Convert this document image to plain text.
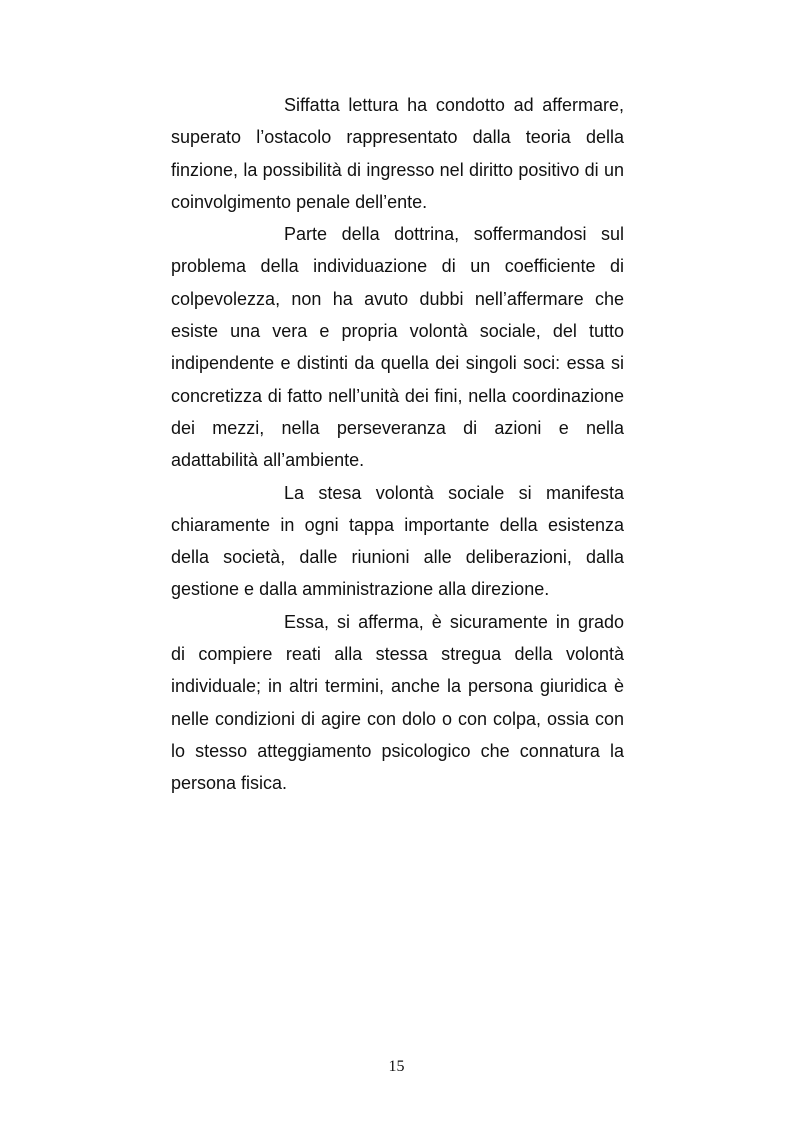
Siffatta lettura ha condotto ad affermare, superato l’ostacolo rappresentato dalla teoria della finzione, la possibilità di ingresso nel diritto positivo di un coinvolgimento penale dell’ente.

Parte della dottrina, soffermandosi sul problema della individuazione di un coefficiente di colpevolezza, non ha avuto dubbi nell’affermare che esiste una vera e propria volontà sociale, del tutto indipendente e distinti da quella dei singoli soci: essa si concretizza di fatto nell’unità dei fini, nella coordinazione dei mezzi, nella perseveranza di azioni e nella adattabilità all’ambiente.

La stesa volontà sociale si manifesta chiaramente in ogni tappa importante della esistenza della società, dalle riunioni alle deliberazioni, dalla gestione e dalla amministrazione alla direzione.

Essa, si afferma, è sicuramente in grado di compiere reati alla stessa stregua della volontà individuale; in altri termini, anche la persona giuridica è nelle condizioni di agire con dolo o con colpa, ossia con lo stesso atteggiamento psicologico che connatura la persona fisica.

15
